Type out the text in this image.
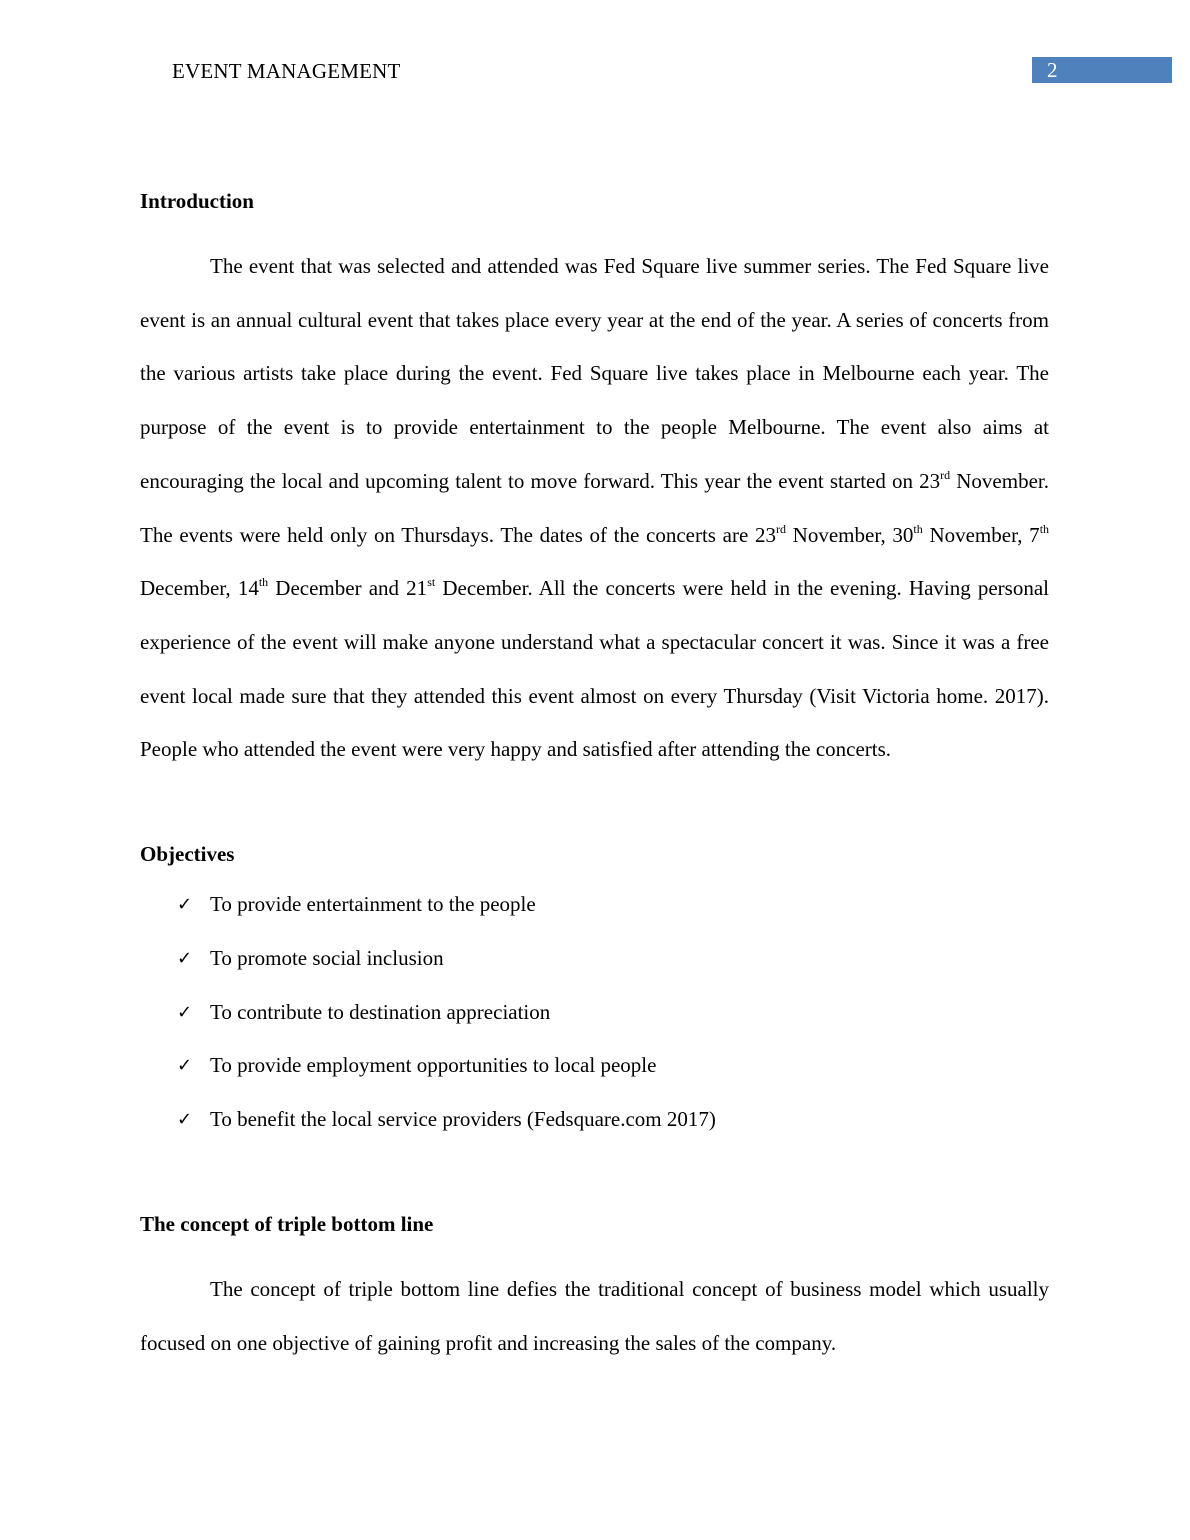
EVENT MANAGEMENT	2
Introduction

The event that was selected and attended was Fed Square live summer series. The Fed Square live event is an annual cultural event that takes place every year at the end of the year. A series of concerts from the various artists take place during the event. Fed Square live takes place in Melbourne each year. The purpose of the event is to provide entertainment to the people Melbourne. The event also aims at encouraging the local and upcoming talent to move forward. This year the event started on 23rd November. The events were held only on Thursdays. The dates of the concerts are 23rd November, 30th November, 7th December, 14th December and 21st December. All the concerts were held in the evening. Having personal experience of the event will make anyone understand what a spectacular concert it was. Since it was a free event local made sure that they attended this event almost on every Thursday (Visit Victoria home. 2017). People who attended the event were very happy and satisfied after attending the concerts.

Objectives
✓ To provide entertainment to the people
✓ To promote social inclusion
✓ To contribute to destination appreciation
✓ To provide employment opportunities to local people
✓ To benefit the local service providers (Fedsquare.com 2017)
The concept of triple bottom line

The concept of triple bottom line defies the traditional concept of business model which usually focused on one objective of gaining profit and increasing the sales of the company.
